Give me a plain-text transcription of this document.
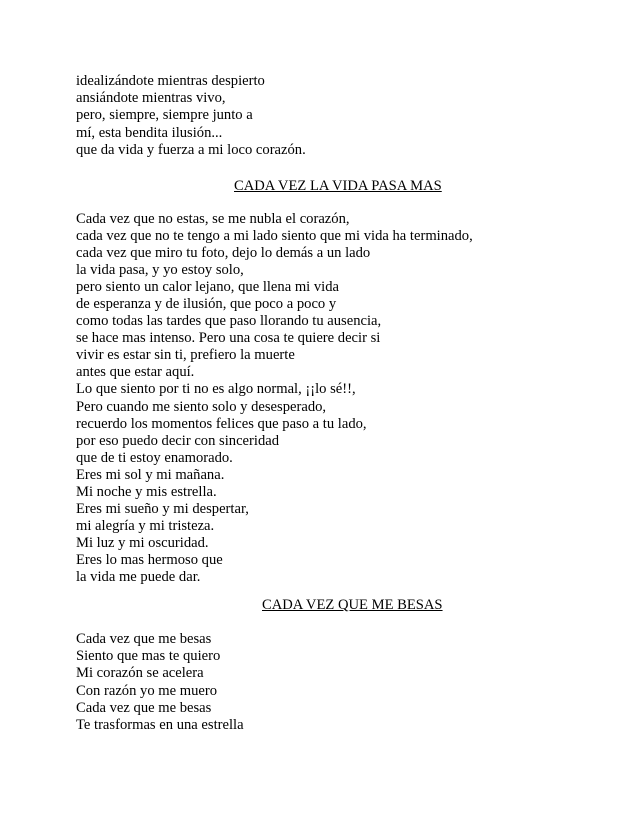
idealizándote mientras despierto
ansiándote mientras vivo,
pero, siempre, siempre junto a
mí, esta bendita ilusión...
que da vida y fuerza a mi loco corazón.
CADA VEZ LA VIDA PASA MAS
Cada vez que no estas, se me nubla el corazón,
cada vez que no te tengo a mi lado siento que mi vida ha terminado,
cada vez que miro tu foto, dejo lo demás a un lado
la vida pasa, y yo estoy solo,
pero siento un calor lejano, que llena mi vida
de esperanza y de ilusión, que poco a poco y
como todas las tardes que paso llorando tu ausencia,
se hace mas intenso. Pero una cosa te quiere decir si
vivir es estar sin ti, prefiero la muerte
antes que estar aquí.
Lo que siento por ti no es algo normal, ¡¡lo sé!!,
Pero cuando me siento solo y desesperado,
recuerdo los momentos felices que paso a tu lado,
por eso puedo decir con sinceridad
que de ti estoy enamorado.
Eres mi sol y mi mañana.
Mi noche y mis estrella.
Eres mi sueño y mi despertar,
mi alegría y mi tristeza.
Mi luz y mi oscuridad.
Eres lo mas hermoso que
la vida me puede dar.
CADA VEZ QUE ME BESAS
Cada vez que me besas
Siento que mas te quiero
Mi corazón se acelera
Con razón yo me muero
Cada vez que me besas
Te trasformas en una estrella
